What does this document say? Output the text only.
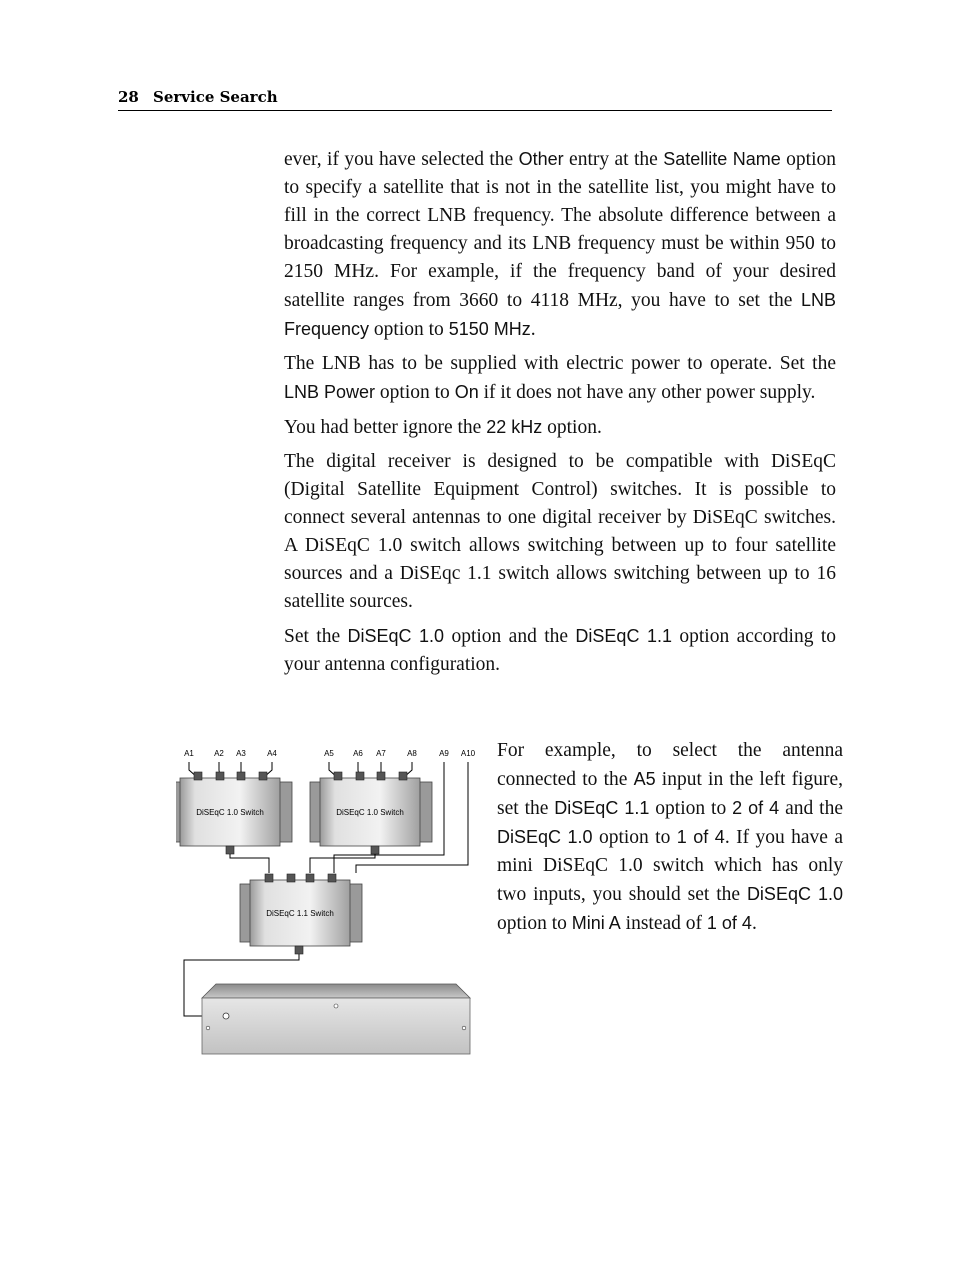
28 Service Search

ever, if you have selected the Other entry at the Satellite Name option to specify a satellite that is not in the satellite list, you might have to fill in the correct LNB frequency. The absolute difference between a broadcasting frequency and its LNB frequency must be within 950 to 2150 MHz. For example, if the frequency band of your desired satellite ranges from 3660 to 4118 MHz, you have to set the LNB Frequency option to 5150 MHz.

The LNB has to be supplied with electric power to operate. Set the LNB Power option to On if it does not have any other power supply.

You had better ignore the 22 kHz option.

The digital receiver is designed to be compatible with DiSEqC (Digital Satellite Equipment Control) switches. It is possible to connect several antennas to one digital receiver by DiSEqC switches. A DiSEqC 1.0 switch allows switching between up to four satellite sources and a DiSEqc 1.1 switch allows switching between up to 16 satellite sources.

Set the DiSEqC 1.0 option and the DiSEqC 1.1 option according to your antenna configuration.

For example, to select the antenna connected to the A5 input in the left figure, set the DiSEqC 1.1 option to 2 of 4 and the DiSEqC 1.0 option to 1 of 4. If you have a mini DiSEqC 1.0 switch which has only two inputs, you should set the DiSEqC 1.0 option to Mini A instead of 1 of 4.

A1	A2 A3	A4	A5 A6 A7	A8	A9 A10
DiSEqC 1.0 Switch	DiSEqC 1.0 Switch
DiSEqC 1.1 Switch
